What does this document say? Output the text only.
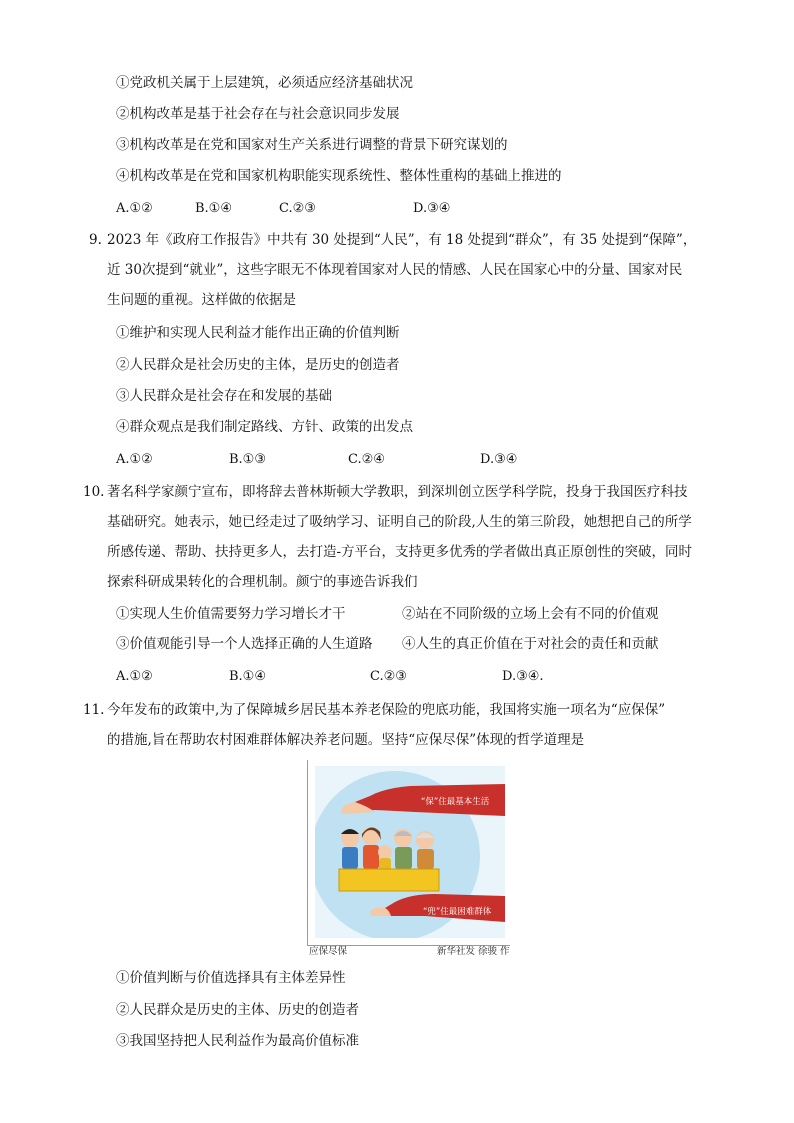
①党政机关属于上层建筑，必须适应经济基础状况
②机构改革是基于社会存在与社会意识同步发展
③机构改革是在党和国家对生产关系进行调整的背景下研究谋划的
④机构改革是在党和国家机构职能实现系统性、整体性重构的基础上推进的
A.①②	B.①④	C.②③	D.③④
9. 2023 年《政府工作报告》中共有 30 处提到“人民”，有 18 处提到“群众”，有 35 处提到“保障”，
近 30次提到“就业”，这些字眼无不体现着国家对人民的情感、人民在国家心中的分量、国家对民
生问题的重视。这样做的依据是
①维护和实现人民利益才能作出正确的价值判断
②人民群众是社会历史的主体，是历史的创造者
③人民群众是社会存在和发展的基础
④群众观点是我们制定路线、方针、政策的出发点
A.①②	B.①③	C.②④	D.③④
10. 著名科学家颜宁宣布，即将辞去普林斯顿大学教职，到深圳创立医学科学院，投身于我国医疗科技
基础研究。她表示，她已经走过了吸纳学习、证明自己的阶段,人生的第三阶段，她想把自己的所学
所感传递、帮助、扶持更多人，去打造-方平台，支持更多优秀的学者做出真正原创性的突破，同时
探索科研成果转化的合理机制。颜宁的事迹告诉我们
①实现人生价值需要努力学习增长才干	②站在不同阶级的立场上会有不同的价值观
③价值观能引导一个人选择正确的人生道路 ④人生的真正价值在于对社会的责任和贡献
A.①②	B.①④	C.②③	D.③④.
11. 今年发布的政策中,为了保障城乡居民基本养老保险的兜底功能，我国将实施一项名为“应保保”
的措施,旨在帮助农村困难群体解决养老问题。坚持“应保尽保”体现的哲学道理是
“保”住最基本生活
“兜”住最困难群体
应保尽保	新华社发 徐骏 作
①价值判断与价值选择具有主体差异性
②人民群众是历史的主体、历史的创造者
③我国坚持把人民利益作为最高价值标准
